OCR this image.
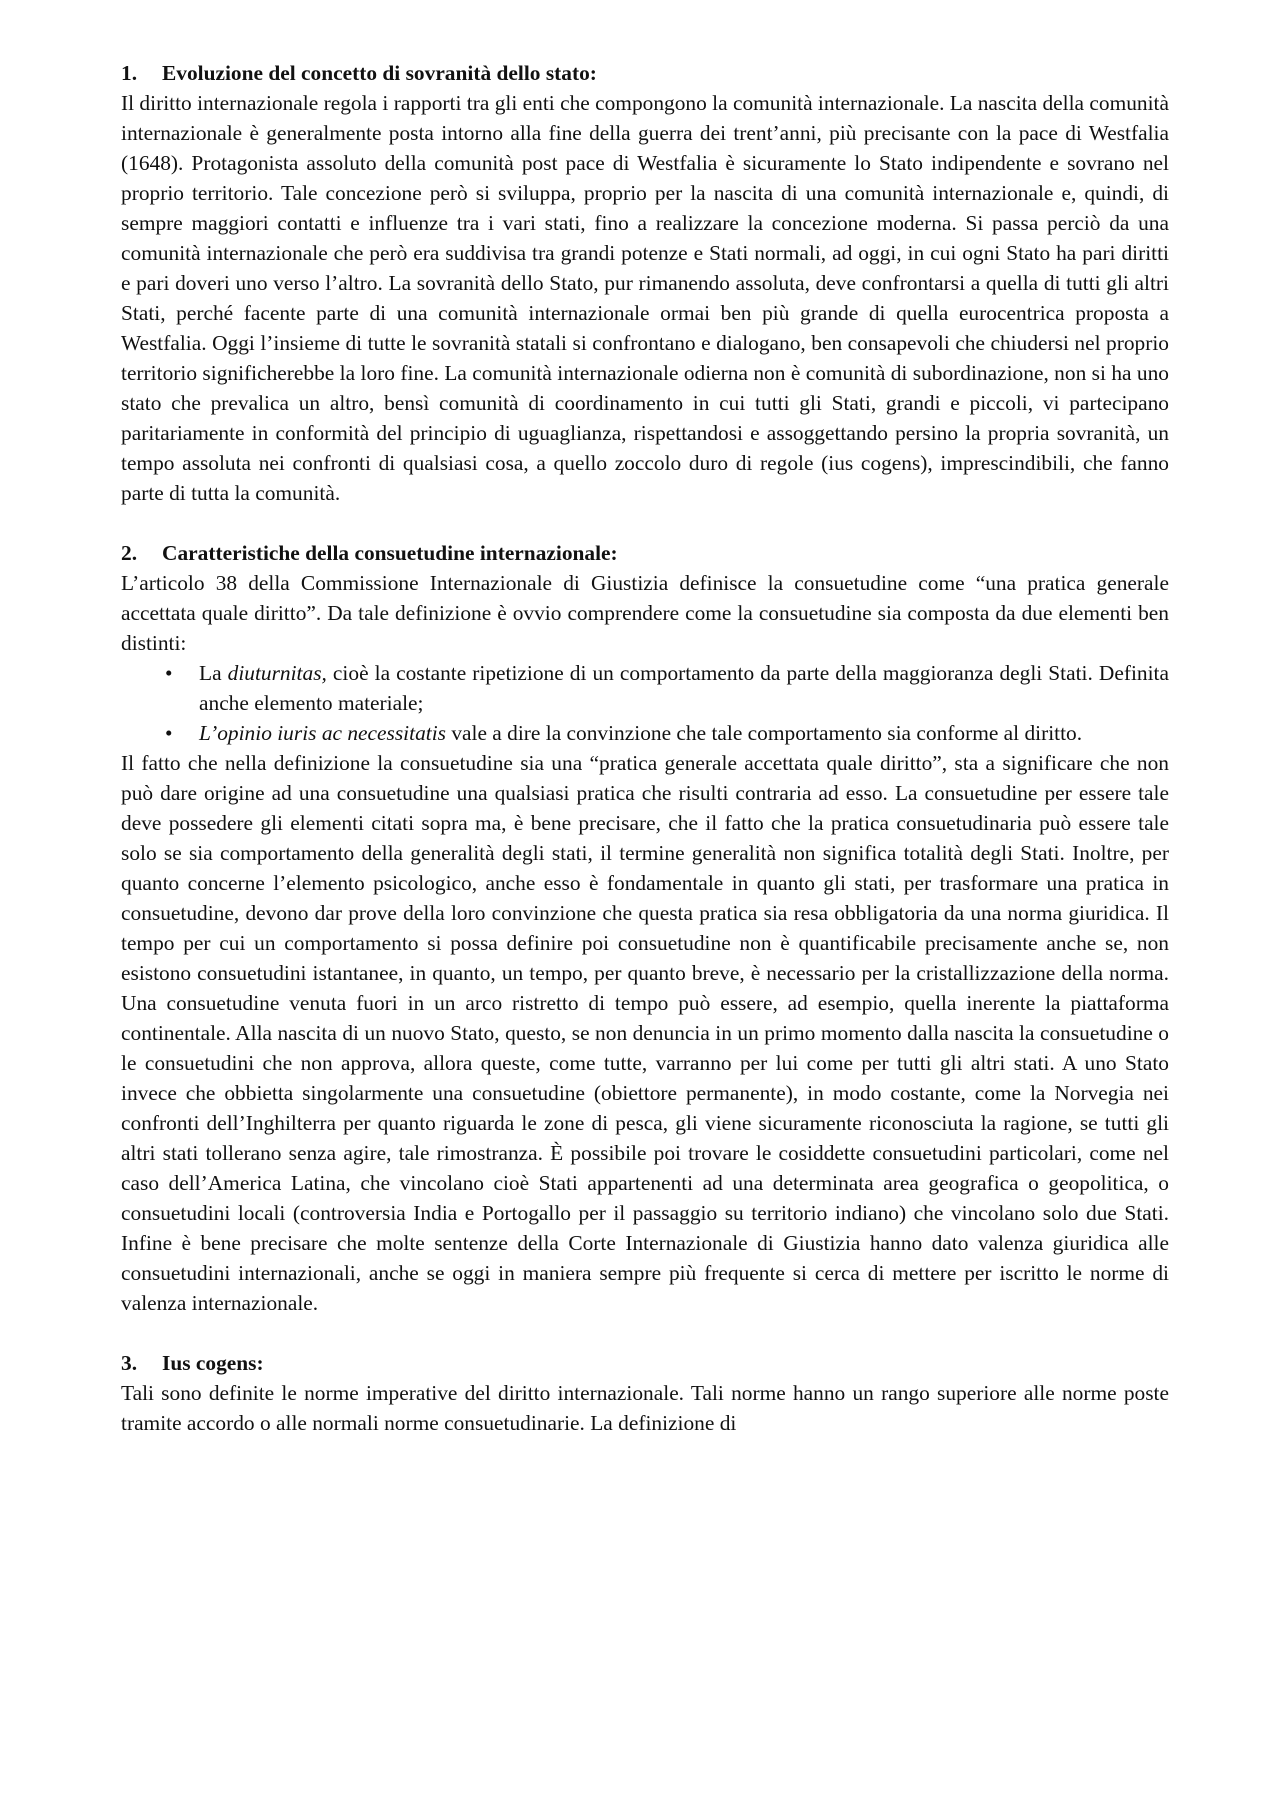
1.	Evoluzione del concetto di sovranità dello stato:

Il diritto internazionale regola i rapporti tra gli enti che compongono la comunità internazionale. La nascita della comunità internazionale è generalmente posta intorno alla fine della guerra dei trent’anni, più precisante con la pace di Westfalia (1648). Protagonista assoluto della comunità post pace di Westfalia è sicuramente lo Stato indipendente e sovrano nel proprio territorio. Tale concezione però si sviluppa, proprio per la nascita di una comunità internazionale e, quindi, di sempre maggiori contatti e influenze tra i vari stati, fino a realizzare la concezione moderna. Si passa perciò da una comunità internazionale che però era suddivisa tra grandi potenze e Stati normali, ad oggi, in cui ogni Stato ha pari diritti e pari doveri uno verso l’altro. La sovranità dello Stato, pur rimanendo assoluta, deve confrontarsi a quella di tutti gli altri Stati, perché facente parte di una comunità internazionale ormai ben più grande di quella eurocentrica proposta a Westfalia. Oggi l’insieme di tutte le sovranità statali si confrontano e dialogano, ben consapevoli che chiudersi nel proprio territorio significherebbe la loro fine. La comunità internazionale odierna non è comunità di subordinazione, non si ha uno stato che prevalica un altro, bensì comunità di coordinamento in cui tutti gli Stati, grandi e piccoli, vi partecipano paritariamente in conformità del principio di uguaglianza, rispettandosi e assoggettando persino la propria sovranità, un tempo assoluta nei confronti di qualsiasi cosa, a quello zoccolo duro di regole (ius cogens), imprescindibili, che fanno parte di tutta la comunità.

2.	Caratteristiche della consuetudine internazionale:

L’articolo 38 della Commissione Internazionale di Giustizia definisce la consuetudine come “una pratica generale accettata quale diritto”. Da tale definizione è ovvio comprendere come la consuetudine sia composta da due elementi ben distinti:

• La diuturnitas, cioè la costante ripetizione di un comportamento da parte della maggioranza degli Stati. Definita anche elemento materiale;
• L’opinio iuris ac necessitatis vale a dire la convinzione che tale comportamento sia conforme al diritto.

Il fatto che nella definizione la consuetudine sia una “pratica generale accettata quale diritto”, sta a significare che non può dare origine ad una consuetudine una qualsiasi pratica che risulti contraria ad esso. La consuetudine per essere tale deve possedere gli elementi citati sopra ma, è bene precisare, che il fatto che la pratica consuetudinaria può essere tale solo se sia comportamento della generalità degli stati, il termine generalità non significa totalità degli Stati. Inoltre, per quanto concerne l’elemento psicologico, anche esso è fondamentale in quanto gli stati, per trasformare una pratica in consuetudine, devono dar prove della loro convinzione che questa pratica sia resa obbligatoria da una norma giuridica. Il tempo per cui un comportamento si possa definire poi consuetudine non è quantificabile precisamente anche se, non esistono consuetudini istantanee, in quanto, un tempo, per quanto breve, è necessario per la cristallizzazione della norma. Una consuetudine venuta fuori in un arco ristretto di tempo può essere, ad esempio, quella inerente la piattaforma continentale. Alla nascita di un nuovo Stato, questo, se non denuncia in un primo momento dalla nascita la consuetudine o le consuetudini che non approva, allora queste, come tutte, varranno per lui come per tutti gli altri stati. A uno Stato invece che obbietta singolarmente una consuetudine (obiettore permanente), in modo costante, come la Norvegia nei confronti dell’Inghilterra per quanto riguarda le zone di pesca, gli viene sicuramente riconosciuta la ragione, se tutti gli altri stati tollerano senza agire, tale rimostranza. È possibile poi trovare le cosiddette consuetudini particolari, come nel caso dell’America Latina, che vincolano cioè Stati appartenenti ad una determinata area geografica o geopolitica, o consuetudini locali (controversia India e Portogallo per il passaggio su territorio indiano) che vincolano solo due Stati. Infine è bene precisare che molte sentenze della Corte Internazionale di Giustizia hanno dato valenza giuridica alle consuetudini internazionali, anche se oggi in maniera sempre più frequente si cerca di mettere per iscritto le norme di valenza internazionale.

3.	Ius cogens:

Tali sono definite le norme imperative del diritto internazionale. Tali norme hanno un rango superiore alle norme poste tramite accordo o alle normali norme consuetudinarie. La definizione di
